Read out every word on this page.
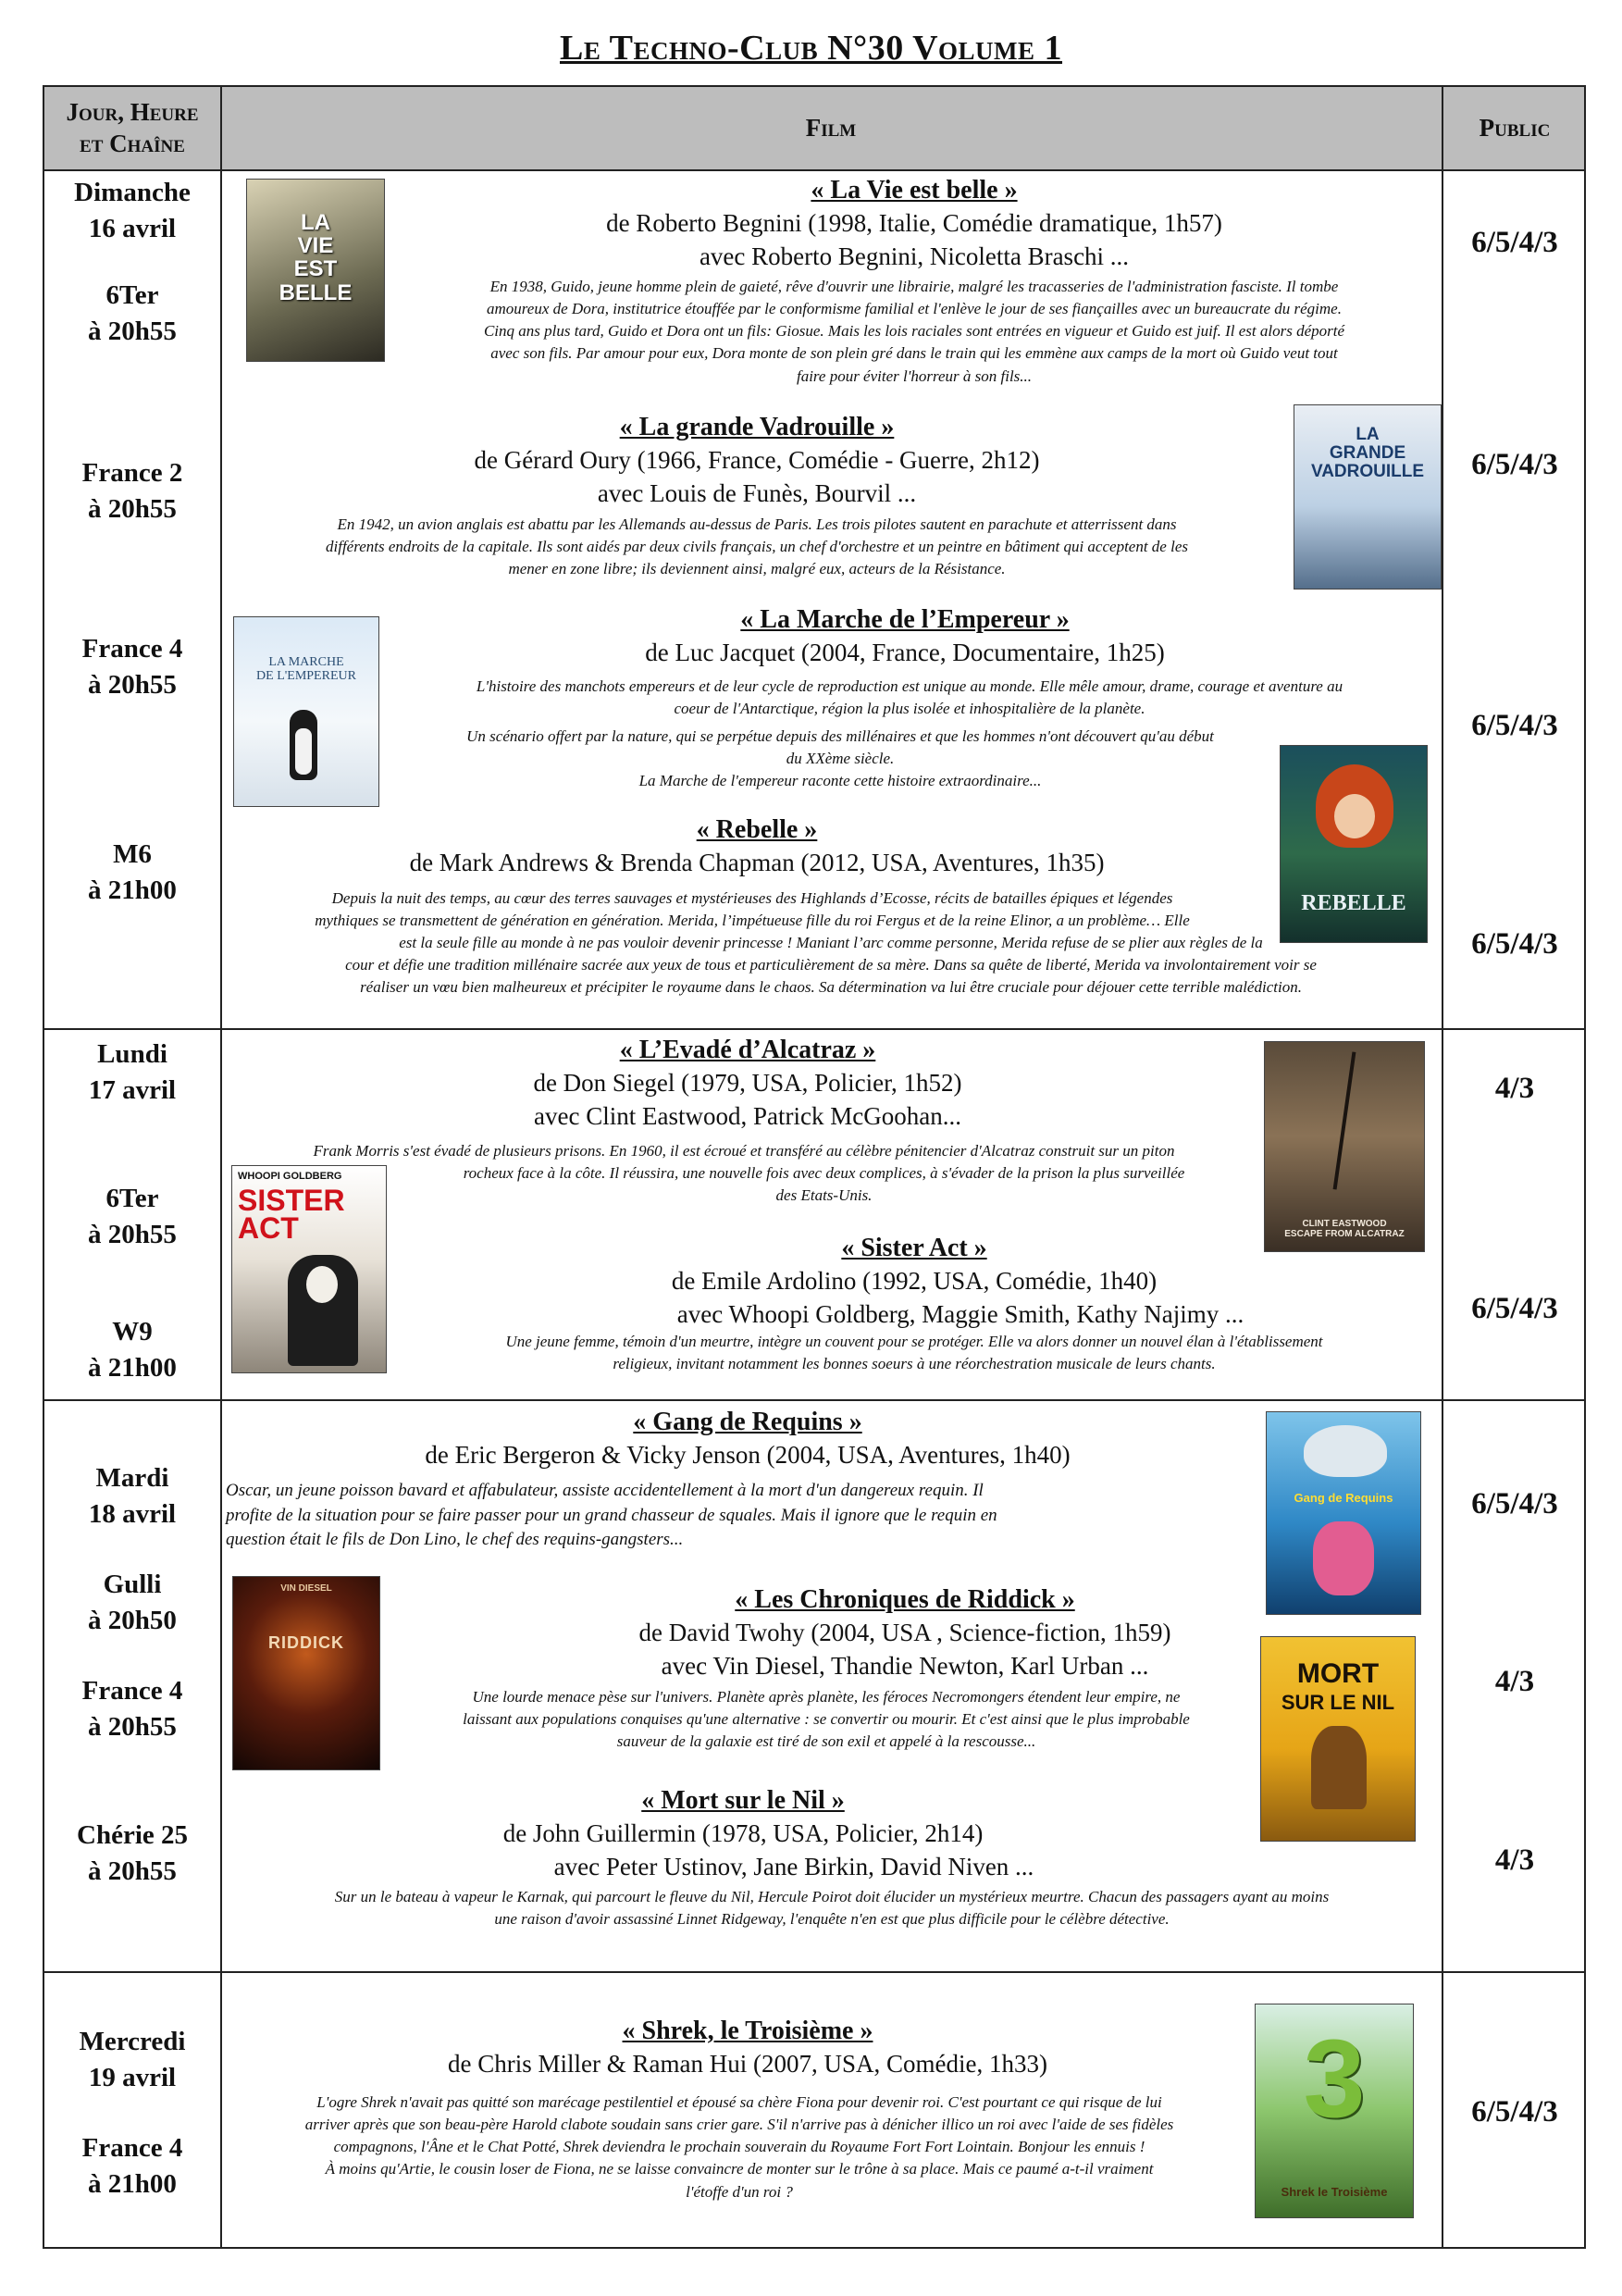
Le Techno-Club N°30 Volume 1
Jour, Heure
et Chaîne
Film	Public
Dimanche
16 avril
6Ter
à 20h55
France 2
à 20h55
France 4
à 20h55
M6
à 21h00
6/5/4/3
6/5/4/3
6/5/4/3
6/5/4/3
LA
VIE
EST
BELLE
« La Vie est belle »
de Roberto Begnini (1998, Italie, Comédie dramatique, 1h57)
avec Roberto Begnini, Nicoletta Braschi ...
En 1938, Guido, jeune homme plein de gaieté, rêve d'ouvrir une librairie, malgré les tracasseries de l'administration fasciste. Il tombe
amoureux de Dora, institutrice étouffée par le conformisme familial et l'enlève le jour de ses fiançailles avec un bureaucrate du régime.
Cinq ans plus tard, Guido et Dora ont un fils: Giosue. Mais les lois raciales sont entrées en vigueur et Guido est juif. Il est alors déporté
avec son fils. Par amour pour eux, Dora monte de son plein gré dans le train qui les emmène aux camps de la mort où Guido veut tout
faire pour éviter l'horreur à son fils...
LA
GRANDE
VADROUILLE
« La grande Vadrouille »
de Gérard Oury (1966, France, Comédie - Guerre, 2h12)
avec Louis de Funès, Bourvil ...
En 1942, un avion anglais est abattu par les Allemands au-dessus de Paris. Les trois pilotes sautent en parachute et atterrissent dans
différents endroits de la capitale. Ils sont aidés par deux civils français, un chef d'orchestre et un peintre en bâtiment qui acceptent de les
mener en zone libre; ils deviennent ainsi, malgré eux, acteurs de la Résistance.
LA MARCHE
DE L'EMPEREUR
« La Marche de l’Empereur »
de Luc Jacquet (2004, France, Documentaire, 1h25)
L'histoire des manchots empereurs et de leur cycle de reproduction est unique au monde. Elle mêle amour, drame, courage et aventure au
coeur de l'Antarctique, région la plus isolée et inhospitalière de la planète.
Un scénario offert par la nature, qui se perpétue depuis des millénaires et que les hommes n'ont découvert qu'au début
du XXème siècle.
La Marche de l'empereur raconte cette histoire extraordinaire...
REBELLE
« Rebelle »
de Mark Andrews & Brenda Chapman (2012, USA, Aventures, 1h35)
Depuis la nuit des temps, au cœur des terres sauvages et mystérieuses des Highlands d’Ecosse, récits de batailles épiques et légendes
mythiques se transmettent de génération en génération. Merida, l’impétueuse fille du roi Fergus et de la reine Elinor, a un problème… Elle
est la seule fille au monde à ne pas vouloir devenir princesse ! Maniant l’arc comme personne, Merida refuse de se plier aux règles de la
cour et défie une tradition millénaire sacrée aux yeux de tous et particulièrement de sa mère. Dans sa quête de liberté, Merida va involontairement voir se
réaliser un vœu bien malheureux et précipiter le royaume dans le chaos. Sa détermination va lui être cruciale pour déjouer cette terrible malédiction.
Lundi
17 avril
6Ter
à 20h55
W9
à 21h00
4/3
6/5/4/3
CLINT EASTWOOD
ESCAPE FROM ALCATRAZ
« L’Evadé d’Alcatraz »
de Don Siegel (1979, USA, Policier, 1h52)
avec Clint Eastwood, Patrick McGoohan...
Frank Morris s'est évadé de plusieurs prisons. En 1960, il est écroué et transféré au célèbre pénitencier d'Alcatraz construit sur un piton
rocheux face à la côte. Il réussira, une nouvelle fois avec deux complices, à s'évader de la prison la plus surveillée
des Etats-Unis.
WHOOPI GOLDBERG
SISTER
ACT
« Sister Act »
de Emile Ardolino (1992, USA, Comédie, 1h40)
avec Whoopi Goldberg, Maggie Smith, Kathy Najimy ...
Une jeune femme, témoin d'un meurtre, intègre un couvent pour se protéger. Elle va alors donner un nouvel élan à l'établissement
religieux, invitant notamment les bonnes soeurs à une réorchestration musicale de leurs chants.
Mardi
18 avril
Gulli
à 20h50
France 4
à 20h55
Chérie 25
à 20h55
6/5/4/3
4/3
4/3
Gang de Requins
« Gang de Requins »
de Eric Bergeron & Vicky Jenson (2004, USA, Aventures, 1h40)
Oscar, un jeune poisson bavard et affabulateur, assiste accidentellement à la mort d'un dangereux requin. Il
profite de la situation pour se faire passer pour un grand chasseur de squales. Mais il ignore que le requin en
question était le fils de Don Lino, le chef des requins-gangsters...
VIN DIESEL
RIDDICK
« Les Chroniques de Riddick »
de David Twohy (2004, USA , Science-fiction, 1h59)
avec Vin Diesel, Thandie Newton, Karl Urban ...
Une lourde menace pèse sur l'univers. Planète après planète, les féroces Necromongers étendent leur empire, ne
laissant aux populations conquises qu'une alternative : se convertir ou mourir. Et c'est ainsi que le plus improbable
sauveur de la galaxie est tiré de son exil et appelé à la rescousse...
MORT
SUR LE NIL
« Mort sur le Nil »
de John Guillermin (1978, USA, Policier, 2h14)
avec Peter Ustinov, Jane Birkin, David Niven ...
Sur un le bateau à vapeur le Karnak, qui parcourt le fleuve du Nil, Hercule Poirot doit élucider un mystérieux meurtre. Chacun des passagers ayant au moins
une raison d'avoir assassiné Linnet Ridgeway, l'enquête n'en est que plus difficile pour le célèbre détective.
Mercredi
19 avril
France 4
à 21h00
6/5/4/3
3
Shrek le Troisième
« Shrek, le Troisième »
de Chris Miller & Raman Hui (2007, USA, Comédie, 1h33)
L'ogre Shrek n'avait pas quitté son marécage pestilentiel et épousé sa chère Fiona pour devenir roi. C'est pourtant ce qui risque de lui
arriver après que son beau-père Harold clabote soudain sans crier gare. S'il n'arrive pas à dénicher illico un roi avec l'aide de ses fidèles
compagnons, l'Âne et le Chat Potté, Shrek deviendra le prochain souverain du Royaume Fort Fort Lointain. Bonjour les ennuis !
À moins qu'Artie, le cousin loser de Fiona, ne se laisse convaincre de monter sur le trône à sa place. Mais ce paumé a-t-il vraiment
l'étoffe d'un roi ?
